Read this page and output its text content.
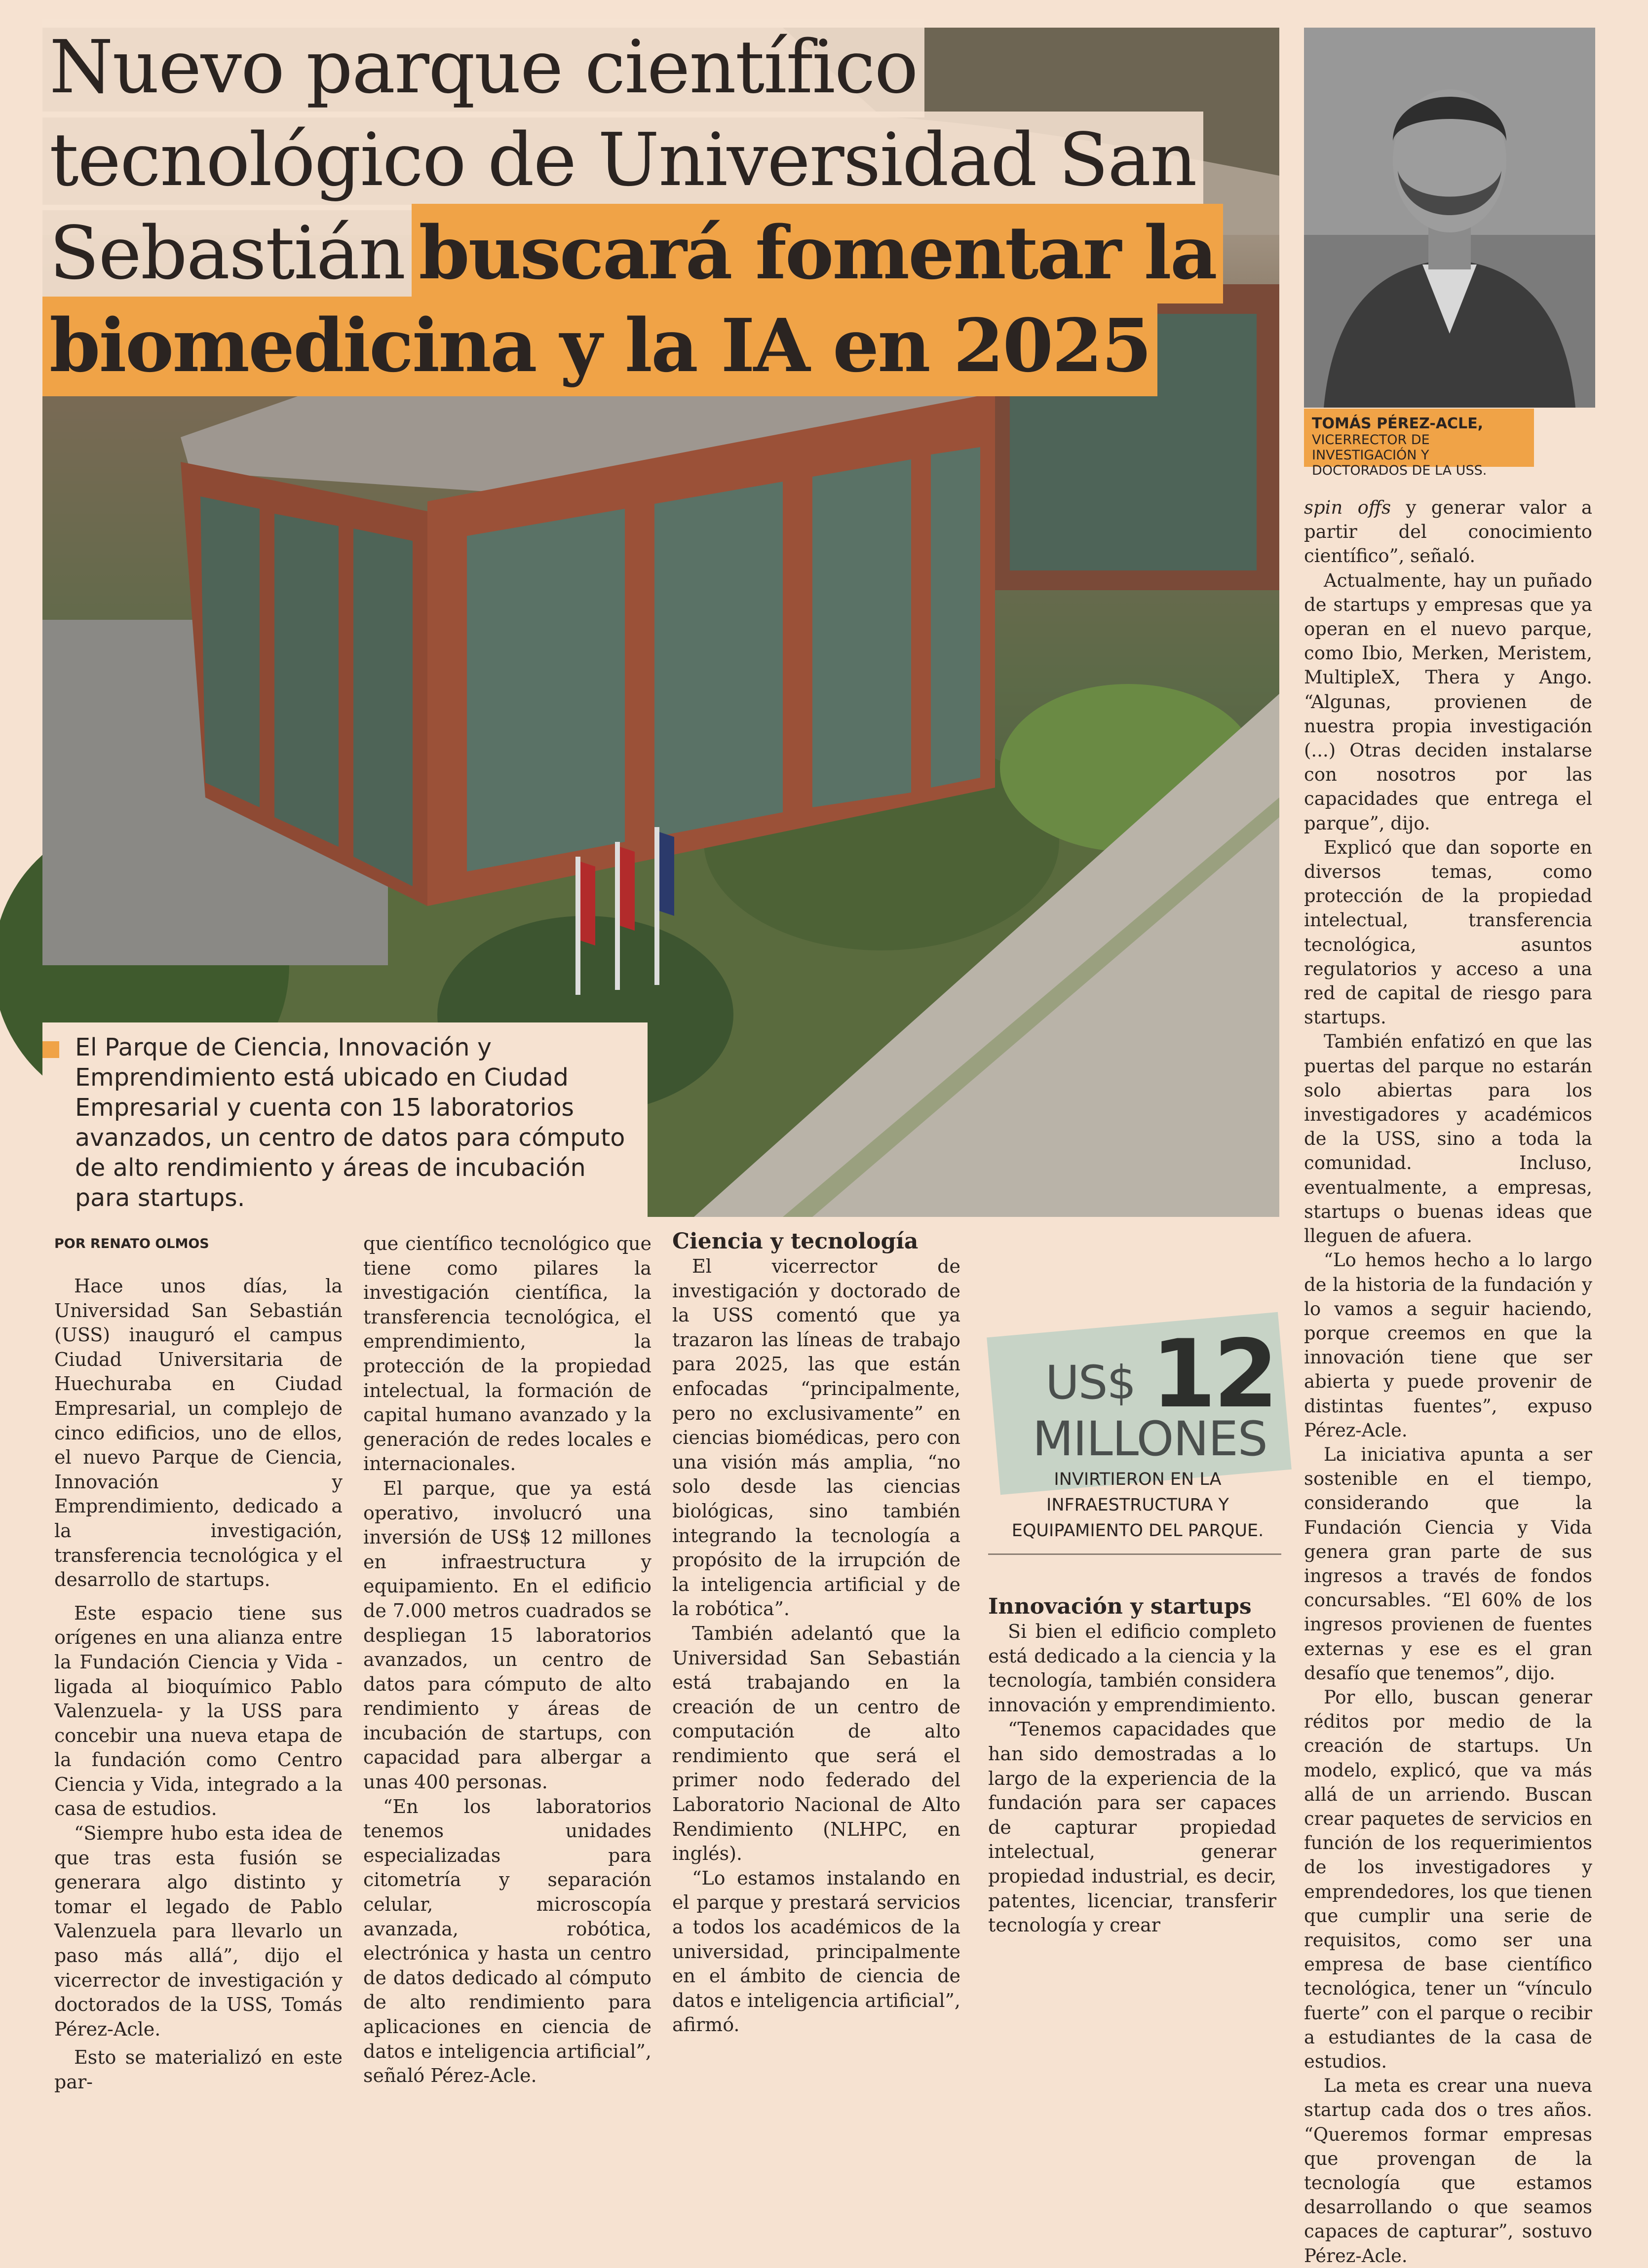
Nuevo parque científico
tecnológico de Universidad San
Sebastián buscará fomentar la
biomedicina y la IA en 2025
El Parque de Ciencia, Innovación y Emprendimiento está ubicado en Ciudad Empresarial y cuenta con 15 laboratorios avanzados, un centro de datos para cómputo de alto rendimiento y áreas de incubación para startups.
TOMÁS PÉREZ-ACLE,
VICERRECTOR DE INVESTIGACIÓN Y DOCTORADOS DE LA USS.

POR RENATO OLMOS

Hace unos días, la Universidad San Sebastián (USS) inauguró el campus Ciudad Universitaria de Huechuraba en Ciudad Empresarial, un complejo de cinco edificios, uno de ellos, el nuevo Parque de Ciencia, Innovación y Emprendimiento, dedicado a la investigación, transferencia tecnológica y el desarrollo de startups.

Este espacio tiene sus orígenes en una alianza entre la Fundación Ciencia y Vida -ligada al bioquímico Pablo Valenzuela- y la USS para concebir una nueva etapa de la fundación como Centro Ciencia y Vida, integrado a la casa de estudios.

“Siempre hubo esta idea de que tras esta fusión se generara algo distinto y tomar el legado de Pablo Valenzuela para llevarlo un paso más allá”, dijo el vicerrector de investigación y doctorados de la USS, Tomás Pérez-Acle.

Esto se materializó en este par-

que científico tecnológico que tiene como pilares la investigación científica, la transferencia tecnológica, el emprendimiento, la protección de la propiedad intelectual, la formación de capital humano avanzado y la generación de redes locales e internacionales.

El parque, que ya está operativo, involucró una inversión de US$ 12 millones en infraestructura y equipamiento. En el edificio de 7.000 metros cuadrados se despliegan 15 laboratorios avanzados, un centro de datos para cómputo de alto rendimiento y áreas de incubación de startups, con capacidad para albergar a unas 400 personas.

“En los laboratorios tenemos unidades especializadas para citometría y separación celular, microscopía avanzada, robótica, electrónica y hasta un centro de datos dedicado al cómputo de alto rendimiento para aplicaciones en ciencia de datos e inteligencia artificial”, señaló Pérez-Acle.

Ciencia y tecnología

El vicerrector de investigación y doctorado de la USS comentó que ya trazaron las líneas de trabajo para 2025, las que están enfocadas “principalmente, pero no exclusivamente” en ciencias biomédicas, pero con una visión más amplia, “no solo desde las ciencias biológicas, sino también integrando la tecnología a propósito de la irrupción de la inteligencia artificial y de la robótica”.

También adelantó que la Universidad San Sebastián está trabajando en la creación de un centro de computación de alto rendimiento que será el primer nodo federado del Laboratorio Nacional de Alto Rendimiento (NLHPC, en inglés).

“Lo estamos instalando en el parque y prestará servicios a todos los académicos de la universidad, principalmente en el ámbito de ciencia de datos e inteligencia artificial”, afirmó.

US$ 12
MILLONES
INVIRTIERON EN LA INFRAESTRUCTURA Y EQUIPAMIENTO DEL PARQUE.

Innovación y startups

Si bien el edificio completo está dedicado a la ciencia y la tecnología, también considera innovación y emprendimiento.

“Tenemos capacidades que han sido demostradas a lo largo de la experiencia de la fundación para ser capaces de capturar propiedad intelectual, generar propiedad industrial, es decir, patentes, licenciar, transferir tecnología y crear

spin offs y generar valor a partir del conocimiento científico”, señaló.

Actualmente, hay un puñado de startups y empresas que ya operan en el nuevo parque, como Ibio, Merken, Meristem, MultipleX, Thera y Ango. “Algunas, provienen de nuestra propia investigación (...) Otras deciden instalarse con nosotros por las capacidades que entrega el parque”, dijo.

Explicó que dan soporte en diversos temas, como protección de la propiedad intelectual, transferencia tecnológica, asuntos regulatorios y acceso a una red de capital de riesgo para startups.

También enfatizó en que las puertas del parque no estarán solo abiertas para los investigadores y académicos de la USS, sino a toda la comunidad. Incluso, eventualmente, a empresas, startups o buenas ideas que lleguen de afuera.

“Lo hemos hecho a lo largo de la historia de la fundación y lo vamos a seguir haciendo, porque creemos en que la innovación tiene que ser abierta y puede provenir de distintas fuentes”, expuso Pérez-Acle.

La iniciativa apunta a ser sostenible en el tiempo, considerando que la Fundación Ciencia y Vida genera gran parte de sus ingresos a través de fondos concursables. “El 60% de los ingresos provienen de fuentes externas y ese es el gran desafío que tenemos”, dijo.

Por ello, buscan generar réditos por medio de la creación de startups. Un modelo, explicó, que va más allá de un arriendo. Buscan crear paquetes de servicios en función de los requerimientos de los investigadores y emprendedores, los que tienen que cumplir una serie de requisitos, como ser una empresa de base científico tecnológica, tener un “vínculo fuerte” con el parque o recibir a estudiantes de la casa de estudios.

La meta es crear una nueva startup cada dos o tres años. “Queremos formar empresas que provengan de la tecnología que estamos desarrollando o que seamos capaces de capturar”, sostuvo Pérez-Acle.
